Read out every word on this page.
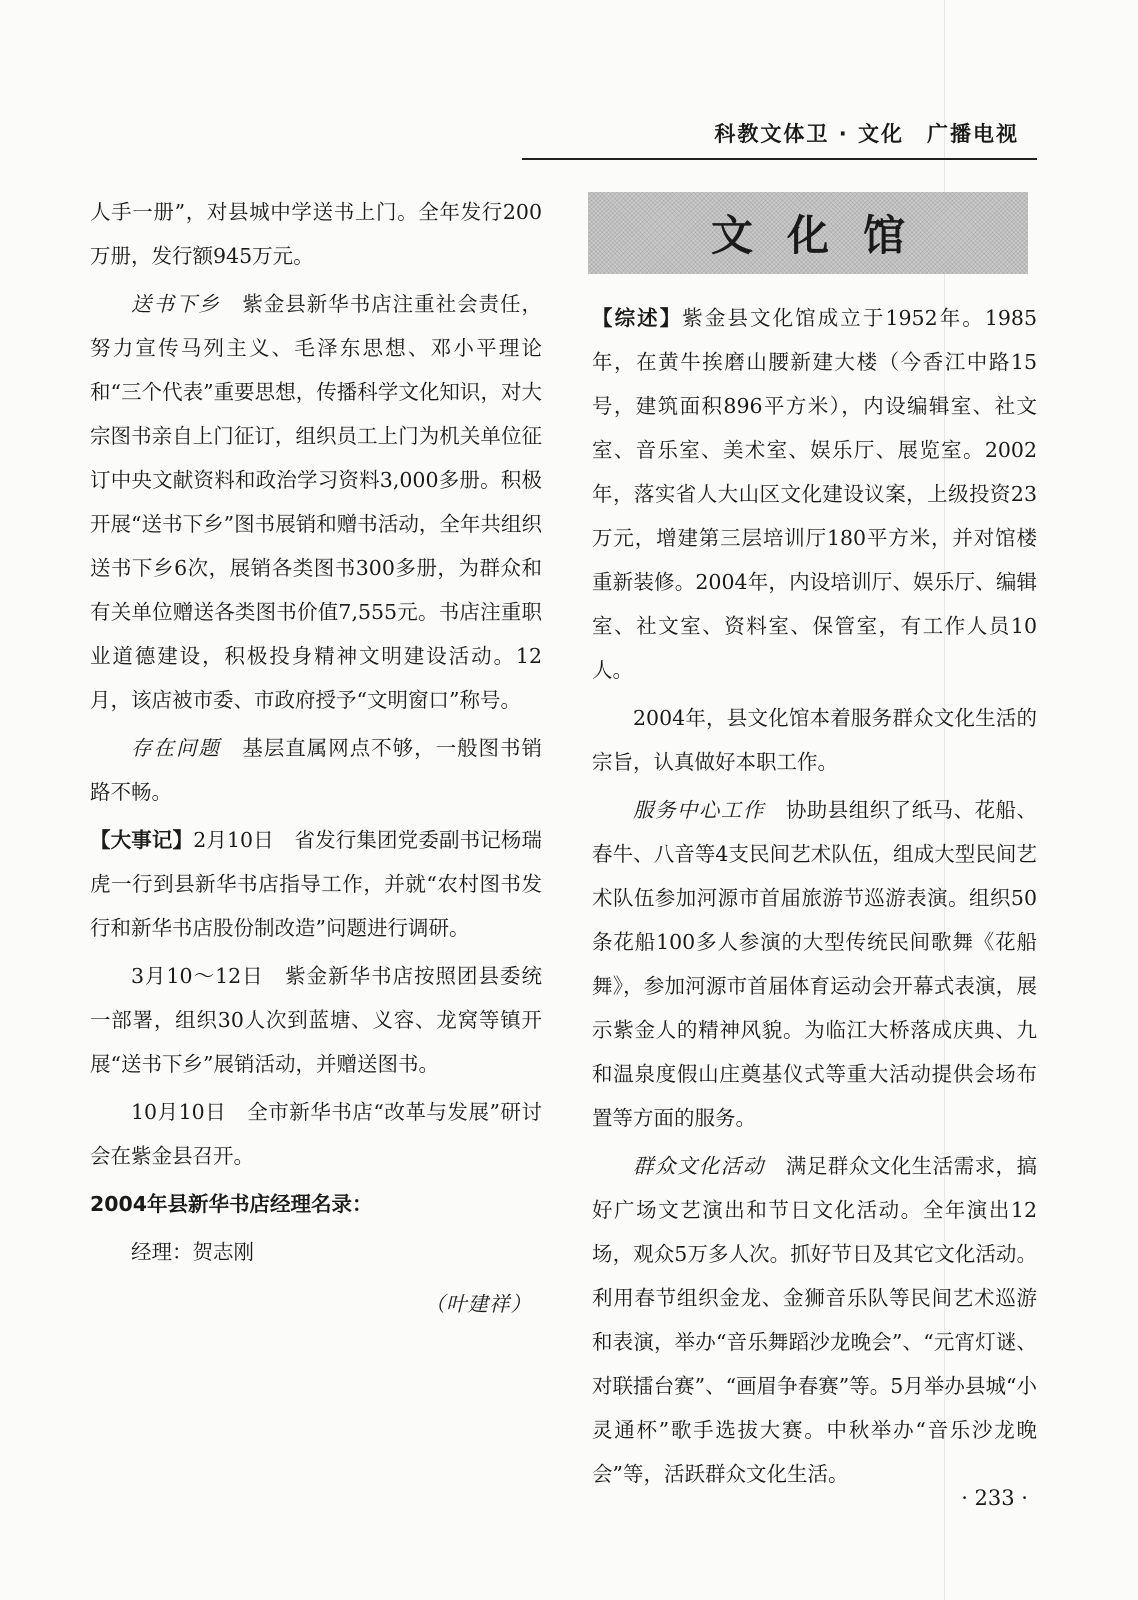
科教文体卫 · 文化　广播电视

人手一册”，对县城中学送书上门。全年发行200万册，发行额945万元。

送书下乡　紫金县新华书店注重社会责任，努力宣传马列主义、毛泽东思想、邓小平理论和“三个代表”重要思想，传播科学文化知识，对大宗图书亲自上门征订，组织员工上门为机关单位征订中央文献资料和政治学习资料3,000多册。积极开展“送书下乡”图书展销和赠书活动，全年共组织送书下乡6次，展销各类图书300多册，为群众和有关单位赠送各类图书价值7,555元。书店注重职业道德建设，积极投身精神文明建设活动。12月，该店被市委、市政府授予“文明窗口”称号。

存在问题　基层直属网点不够，一般图书销路不畅。

【大事记】2月10日　省发行集团党委副书记杨瑞虎一行到县新华书店指导工作，并就“农村图书发行和新华书店股份制改造”问题进行调研。

3月10～12日　紫金新华书店按照团县委统一部署，组织30人次到蓝塘、义容、龙窝等镇开展“送书下乡”展销活动，并赠送图书。

10月10日　全市新华书店“改革与发展”研讨会在紫金县召开。

2004年县新华书店经理名录：

经理：贺志刚

（叶建祥）

文化馆

【综述】紫金县文化馆成立于1952年。1985年，在黄牛挨磨山腰新建大楼（今香江中路15号，建筑面积896平方米），内设编辑室、社文室、音乐室、美术室、娱乐厅、展览室。2002年，落实省人大山区文化建设议案，上级投资23万元，增建第三层培训厅180平方米，并对馆楼重新装修。2004年，内设培训厅、娱乐厅、编辑室、社文室、资料室、保管室，有工作人员10人。

2004年，县文化馆本着服务群众文化生活的宗旨，认真做好本职工作。

服务中心工作　协助县组织了纸马、花船、春牛、八音等4支民间艺术队伍，组成大型民间艺术队伍参加河源市首届旅游节巡游表演。组织50条花船100多人参演的大型传统民间歌舞《花船舞》，参加河源市首届体育运动会开幕式表演，展示紫金人的精神风貌。为临江大桥落成庆典、九和温泉度假山庄奠基仪式等重大活动提供会场布置等方面的服务。

群众文化活动　满足群众文化生活需求，搞好广场文艺演出和节日文化活动。全年演出12场，观众5万多人次。抓好节日及其它文化活动。利用春节组织金龙、金狮音乐队等民间艺术巡游和表演，举办“音乐舞蹈沙龙晚会”、“元宵灯谜、对联擂台赛”、“画眉争春赛”等。5月举办县城“小灵通杯”歌手选拔大赛。中秋举办“音乐沙龙晚会”等，活跃群众文化生活。

· 233 ·
